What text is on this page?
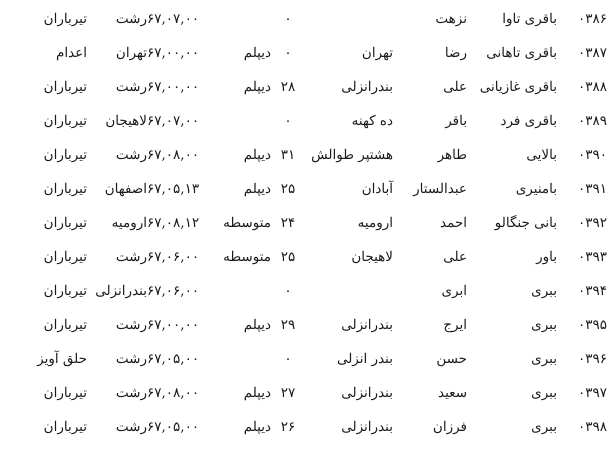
۰۳۸۶
باقری تاوا
نزهت
۰
۶۷,۰۷,۰۰
رشت
تیرباران
۰۳۸۷
باقری تاهانی
رضا
تهران
۰
دیپلم
۶۷,۰۰,۰۰
تهران
اعدام
۰۳۸۸
باقری غازیانی
علی
بندرانزلی
۲۸
دیپلم
۶۷,۰۰,۰۰
رشت
تیرباران
۰۳۸۹
باقری فرد
باقر
ده کهنه
۰
۶۷,۰۷,۰۰
لاهیجان
تیرباران
۰۳۹۰
بالایی
طاهر
هشتپر طوالش
۳۱
دیپلم
۶۷,۰۸,۰۰
رشت
تیرباران
۰۳۹۱
بامنیری
عبدالستار
آبادان
۲۵
دیپلم
۶۷,۰۵,۱۳
اصفهان
تیرباران
۰۳۹۲
بانی جنگالو
احمد
ارومیه
۲۴
متوسطه
۶۷,۰۸,۱۲
ارومیه
تیرباران
۰۳۹۳
باور
علی
لاهیجان
۲۵
متوسطه
۶۷,۰۶,۰۰
رشت
تیرباران
۰۳۹۴
ببری
ابری
۰
۶۷,۰۶,۰۰
بندرانزلی
تیرباران
۰۳۹۵
ببری
ایرج
بندرانزلی
۲۹
دیپلم
۶۷,۰۰,۰۰
رشت
تیرباران
۰۳۹۶
ببری
حسن
بندر انزلی
۰
۶۷,۰۵,۰۰
رشت
حلق آویز
۰۳۹۷
ببری
سعید
بندرانزلی
۲۷
دیپلم
۶۷,۰۸,۰۰
رشت
تیرباران
۰۳۹۸
ببری
فرزان
بندرانزلی
۲۶
دیپلم
۶۷,۰۵,۰۰
رشت
تیرباران
